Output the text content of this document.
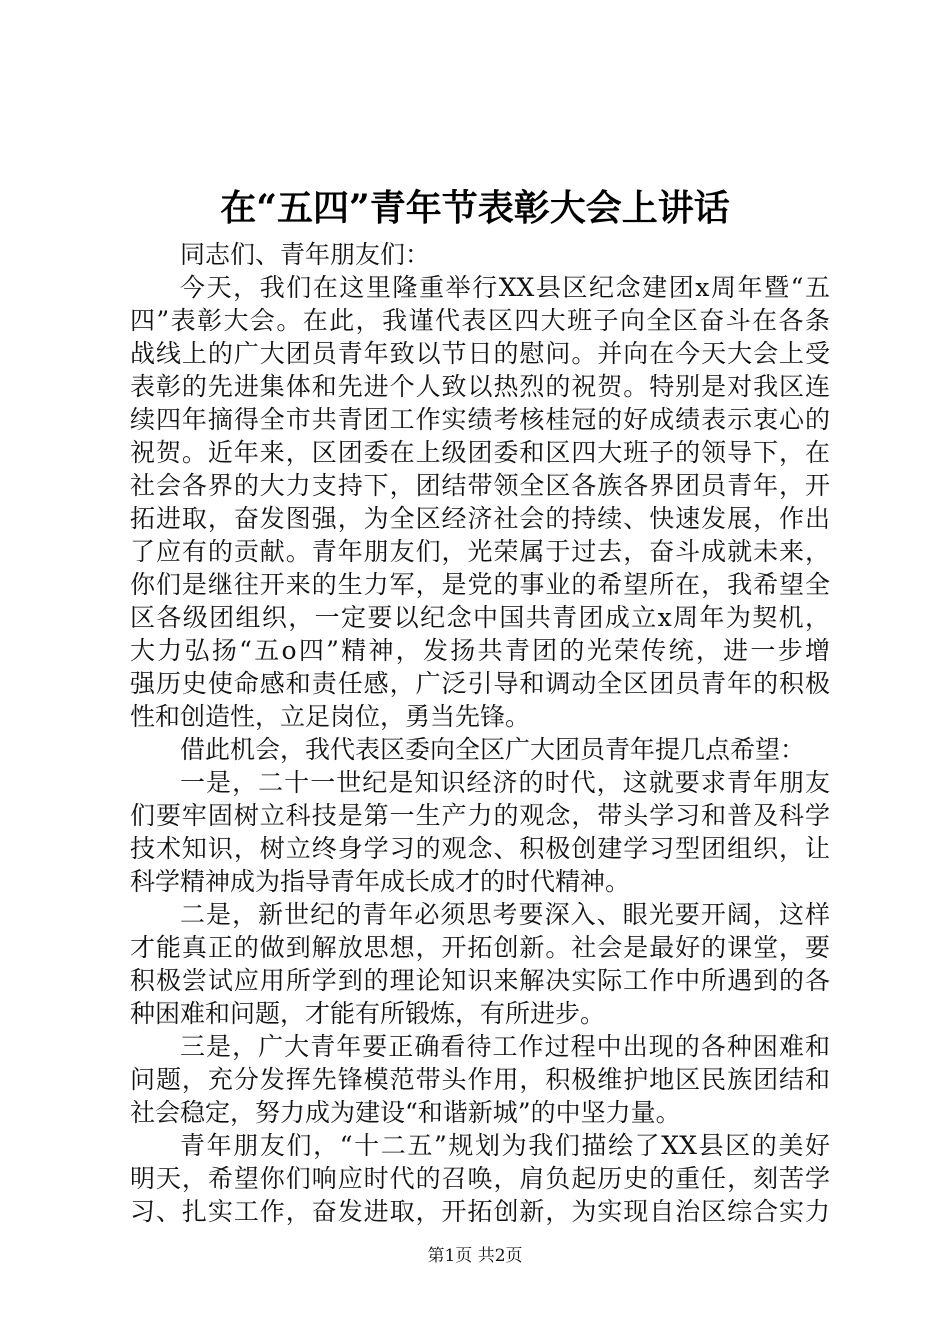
在“五四”青年节表彰大会上讲话
同志们、青年朋友们：
今天，我们在这里隆重举行XX县区纪念建团x周年暨“五
四”表彰大会。在此，我谨代表区四大班子向全区奋斗在各条
战线上的广大团员青年致以节日的慰问。并向在今天大会上受
表彰的先进集体和先进个人致以热烈的祝贺。特别是对我区连
续四年摘得全市共青团工作实绩考核桂冠的好成绩表示衷心的
祝贺。近年来，区团委在上级团委和区四大班子的领导下，在
社会各界的大力支持下，团结带领全区各族各界团员青年，开
拓进取，奋发图强，为全区经济社会的持续、快速发展，作出
了应有的贡献。青年朋友们，光荣属于过去，奋斗成就未来，
你们是继往开来的生力军，是党的事业的希望所在，我希望全
区各级团组织，一定要以纪念中国共青团成立x周年为契机，
大力弘扬“五o四”精神，发扬共青团的光荣传统，进一步增
强历史使命感和责任感，广泛引导和调动全区团员青年的积极
性和创造性，立足岗位，勇当先锋。
借此机会，我代表区委向全区广大团员青年提几点希望：
一是，二十一世纪是知识经济的时代，这就要求青年朋友
们要牢固树立科技是第一生产力的观念，带头学习和普及科学
技术知识，树立终身学习的观念、积极创建学习型团组织，让
科学精神成为指导青年成长成才的时代精神。
二是，新世纪的青年必须思考要深入、眼光要开阔，这样
才能真正的做到解放思想，开拓创新。社会是最好的课堂，要
积极尝试应用所学到的理论知识来解决实际工作中所遇到的各
种困难和问题，才能有所锻炼，有所进步。
三是，广大青年要正确看待工作过程中出现的各种困难和
问题，充分发挥先锋模范带头作用，积极维护地区民族团结和
社会稳定，努力成为建设“和谐新城”的中坚力量。
青年朋友们，“十二五”规划为我们描绘了XX县区的美好
明天，希望你们响应时代的召唤，肩负起历史的重任，刻苦学
习、扎实工作，奋发进取，开拓创新，为实现自治区综合实力
第1页 共2页
